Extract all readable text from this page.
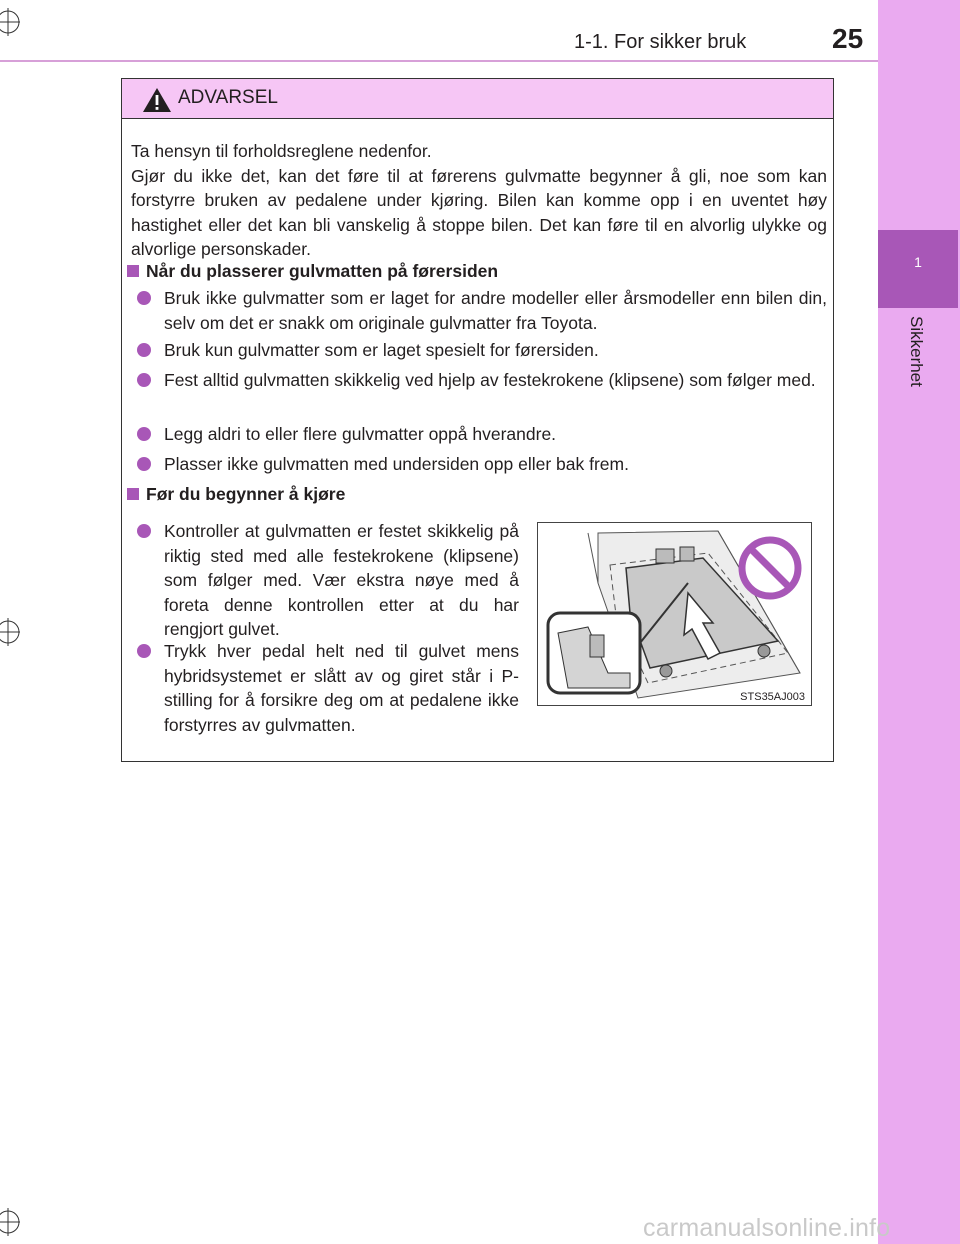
1
Sikkerhet
1-1. For sikker bruk	25
ADVARSEL

Ta hensyn til forholdsreglene nedenfor.

Gjør du ikke det, kan det føre til at førerens gulvmatte begynner å gli, noe som kan forstyrre bruken av pedalene under kjøring. Bilen kan komme opp i en uventet høy hastighet eller det kan bli vanskelig å stoppe bilen. Det kan føre til en alvorlig ulykke og alvorlige personskader.

Når du plasserer gulvmatten på førersiden
Bruk ikke gulvmatter som er laget for andre modeller eller årsmodeller enn bilen din, selv om det er snakk om originale gulvmatter fra Toyota.
Bruk kun gulvmatter som er laget spesielt for førersiden.
Fest alltid gulvmatten skikkelig ved hjelp av festekrokene (klipsene) som følger med.
Legg aldri to eller flere gulvmatter oppå hverandre.
Plasser ikke gulvmatten med undersiden opp eller bak frem.
Før du begynner å kjøre
Kontroller at gulvmatten er festet skikkelig på riktig sted med alle festekrokene (klipsene) som følger med. Vær ekstra nøye med å foreta denne kontrollen etter at du har rengjort gulvet.
Trykk hver pedal helt ned til gulvet mens hybridsystemet er slått av og giret står i P-stilling for å forsikre deg om at pedalene ikke forstyrres av gulvmatten.
STS35AJ003
carmanualsonline.info
